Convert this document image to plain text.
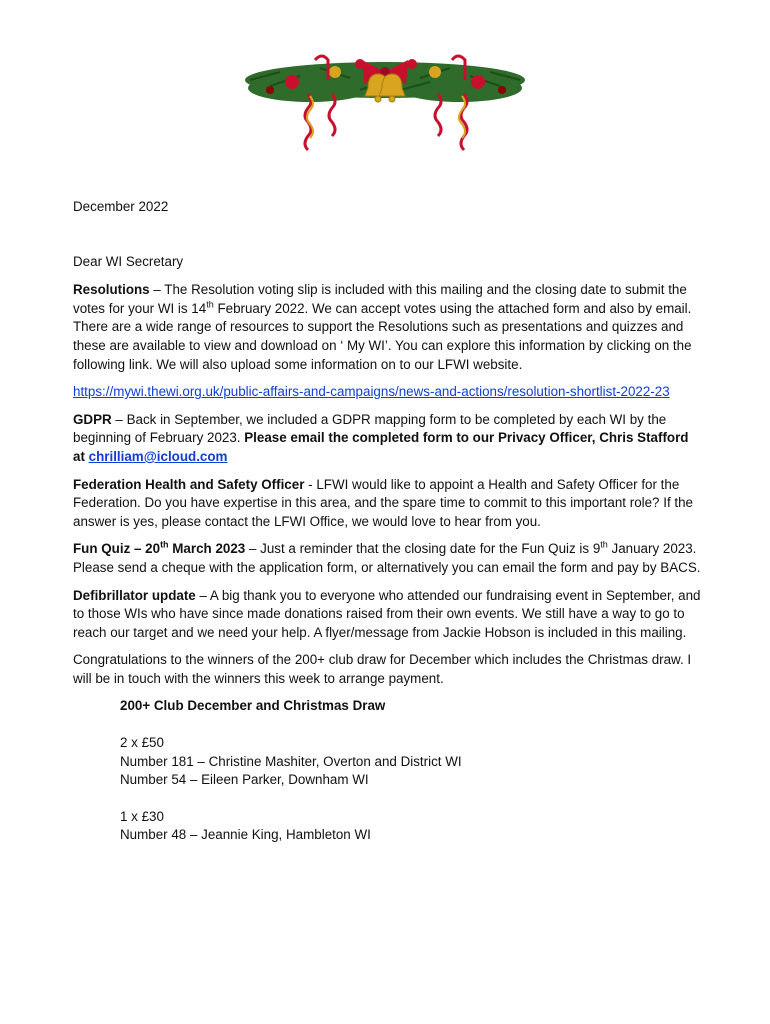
December 2022
Dear WI Secretary

Resolutions – The Resolution voting slip is included with this mailing and the closing date to submit the votes for your WI is 14th February 2022. We can accept votes using the attached form and also by email. There are a wide range of resources to support the Resolutions such as presentations and quizzes and these are available to view and download on ‘ My WI’. You can explore this information by clicking on the following link. We will also upload some information on to our LFWI website.

https://mywi.thewi.org.uk/public-affairs-and-campaigns/news-and-actions/resolution-shortlist-2022-23

GDPR – Back in September, we included a GDPR mapping form to be completed by each WI by the beginning of February 2023. Please email the completed form to our Privacy Officer, Chris Stafford at chrilliam@icloud.com

Federation Health and Safety Officer - LFWI would like to appoint a Health and Safety Officer for the Federation. Do you have expertise in this area, and the spare time to commit to this important role? If the answer is yes, please contact the LFWI Office, we would love to hear from you.

Fun Quiz – 20th March 2023 – Just a reminder that the closing date for the Fun Quiz is 9th January 2023. Please send a cheque with the application form, or alternatively you can email the form and pay by BACS.

Defibrillator update – A big thank you to everyone who attended our fundraising event in September, and to those WIs who have since made donations raised from their own events. We still have a way to go to reach our target and we need your help. A flyer/message from Jackie Hobson is included in this mailing.

Congratulations to the winners of the 200+ club draw for December which includes the Christmas draw. I will be in touch with the winners this week to arrange payment.

200+ Club December and Christmas Draw
2 x £50
Number 181 – Christine Mashiter, Overton and District WI
Number 54 – Eileen Parker, Downham WI
1 x £30
Number 48 – Jeannie King, Hambleton WI
